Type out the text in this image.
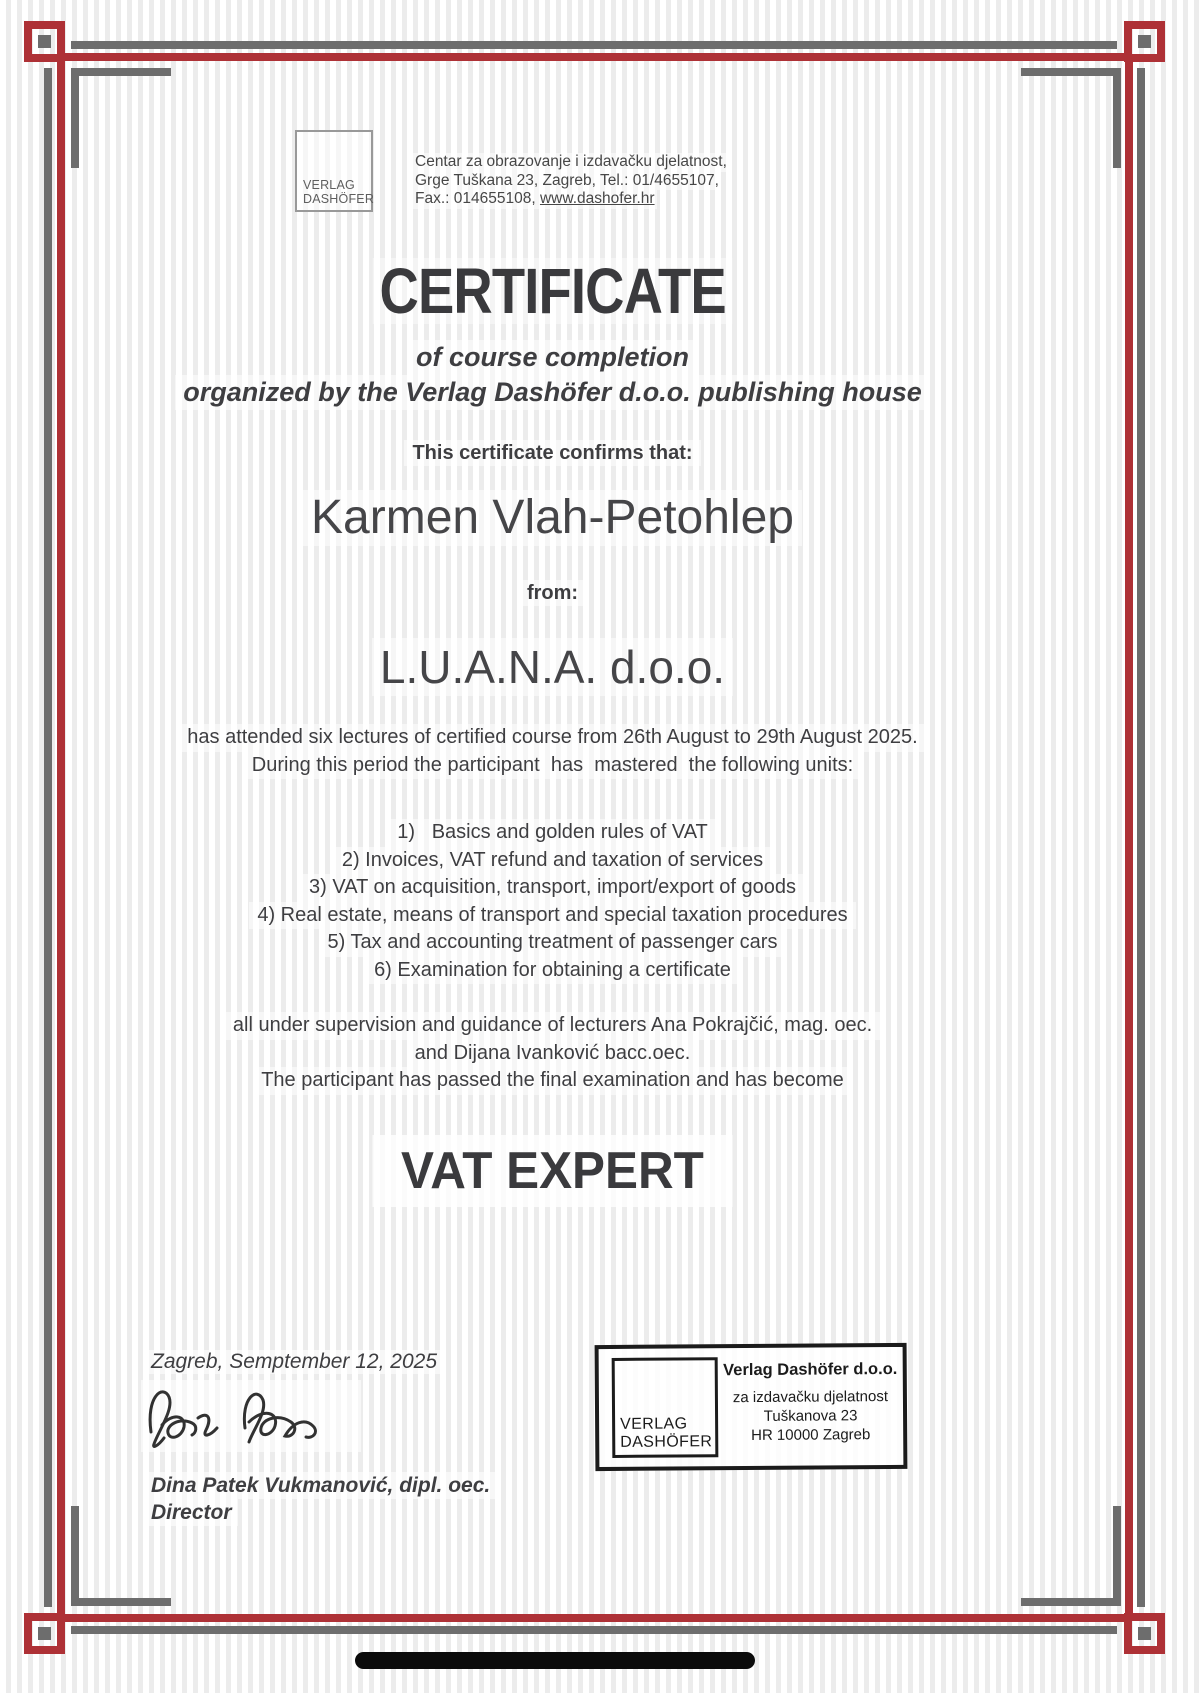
VERLAG
DASHÖFER
Centar za obrazovanje i izdavačku djelatnost,
Grge Tuškana 23, Zagreb, Tel.: 01/4655107,
Fax.: 014655108, www.dashofer.hr
CERTIFICATE
of course completion
organized by the Verlag Dashöfer d.o.o. publishing house
This certificate confirms that:
Karmen Vlah-Petohlep
from:
L.U.A.N.A. d.o.o.
has attended six lectures of certified course from 26th August to 29th August 2025.
During this period the participant  has  mastered  the following units:
1)   Basics and golden rules of VAT
2) Invoices, VAT refund and taxation of services
3) VAT on acquisition, transport, import/export of goods
4) Real estate, means of transport and special taxation procedures
5) Tax and accounting treatment of passenger cars
6) Examination for obtaining a certificate
all under supervision and guidance of lecturers Ana Pokrajčić, mag. oec.
and Dijana Ivanković bacc.oec.
The participant has passed the final examination and has become
VAT EXPERT
Zagreb, Semptember 12, 2025

Dina Patek Vukmanović, dipl. oec.
Director
VERLAG
DASHÖFER
Verlag Dashöfer d.o.o.
za izdavačku djelatnost
Tuškanova 23
HR 10000 Zagreb
